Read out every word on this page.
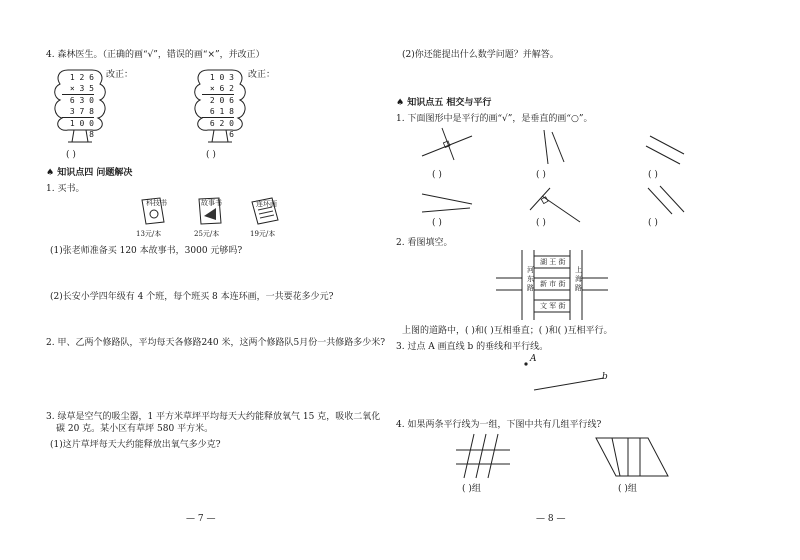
4. 森林医生。（正确的画“√”，错误的画“×”，并改正）
1 2 6
× 3 5
6 3 0
3 7 8
1 0 0 8
改正：
( )
1 0 3
× 6 2
2 0 6
6 1 8
6 2 0 6
改正：
( )
♠ 知识点四 问题解决
1. 买书。
科技书
13元/本
故事书
25元/本
连环画
19元/本
(1)张老师准备买 120 本故事书，3000 元够吗?
(2)长安小学四年级有 4 个班，每个班买 8 本连环画，一共要花多少元?
2. 甲、乙两个修路队，平均每天各修路240 米，这两个修路队5月份一共修路多少米?
3. 绿草是空气的吸尘器，1 平方米草坪平均每天大约能释放氧气 15 克，吸收二氧化
碳 20 克。某小区有草坪 580 平方米。
(1)这片草坪每天大约能释放出氧气多少克?
— 7 —
(2)你还能提出什么数学问题？并解答。
♠ 知识点五 相交与平行
1. 下面图形中是平行的画“√”，是垂直的画“○”。
( )	( )	( )
( )	( )	( )
2. 看图填空。
湖 王 街
新 市 街
文 军 街
河
东
路
上
海
路
上图的道路中，( )和( )互相垂直；( )和( )互相平行。
3. 过点 A 画直线 b 的垂线和平行线。
A
b
4. 如果两条平行线为一组，下图中共有几组平行线?
( )组	( )组
— 8 —
